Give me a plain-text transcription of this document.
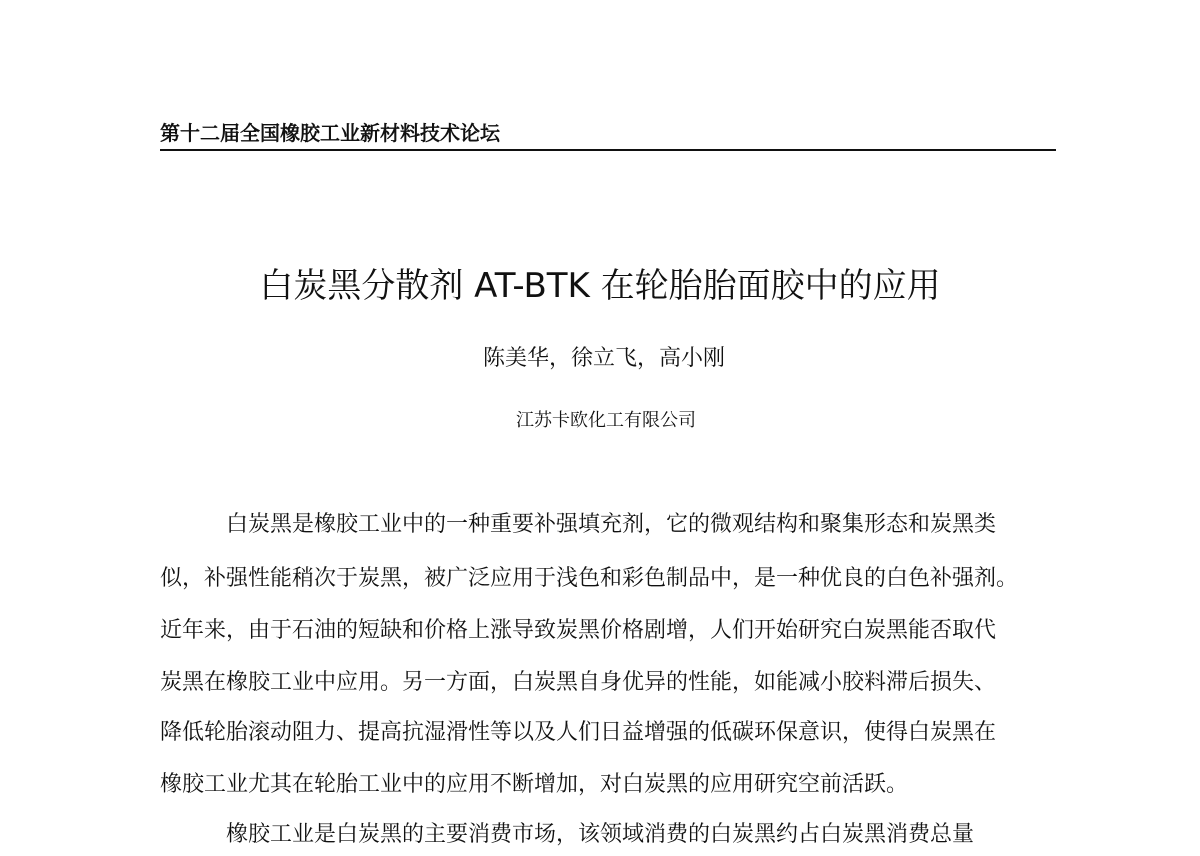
第十二届全国橡胶工业新材料技术论坛
白炭黑分散剂 AT-BTK 在轮胎胎面胶中的应用
陈美华，徐立飞，高小刚
江苏卡欧化工有限公司
白炭黑是橡胶工业中的一种重要补强填充剂，它的微观结构和聚集形态和炭黑类
似，补强性能稍次于炭黑，被广泛应用于浅色和彩色制品中，是一种优良的白色补强剂。
近年来，由于石油的短缺和价格上涨导致炭黑价格剧增，人们开始研究白炭黑能否取代
炭黑在橡胶工业中应用。另一方面，白炭黑自身优异的性能，如能减小胶料滞后损失、
降低轮胎滚动阻力、提高抗湿滑性等以及人们日益增强的低碳环保意识，使得白炭黑在
橡胶工业尤其在轮胎工业中的应用不断增加，对白炭黑的应用研究空前活跃。
橡胶工业是白炭黑的主要消费市场，该领域消费的白炭黑约占白炭黑消费总量
